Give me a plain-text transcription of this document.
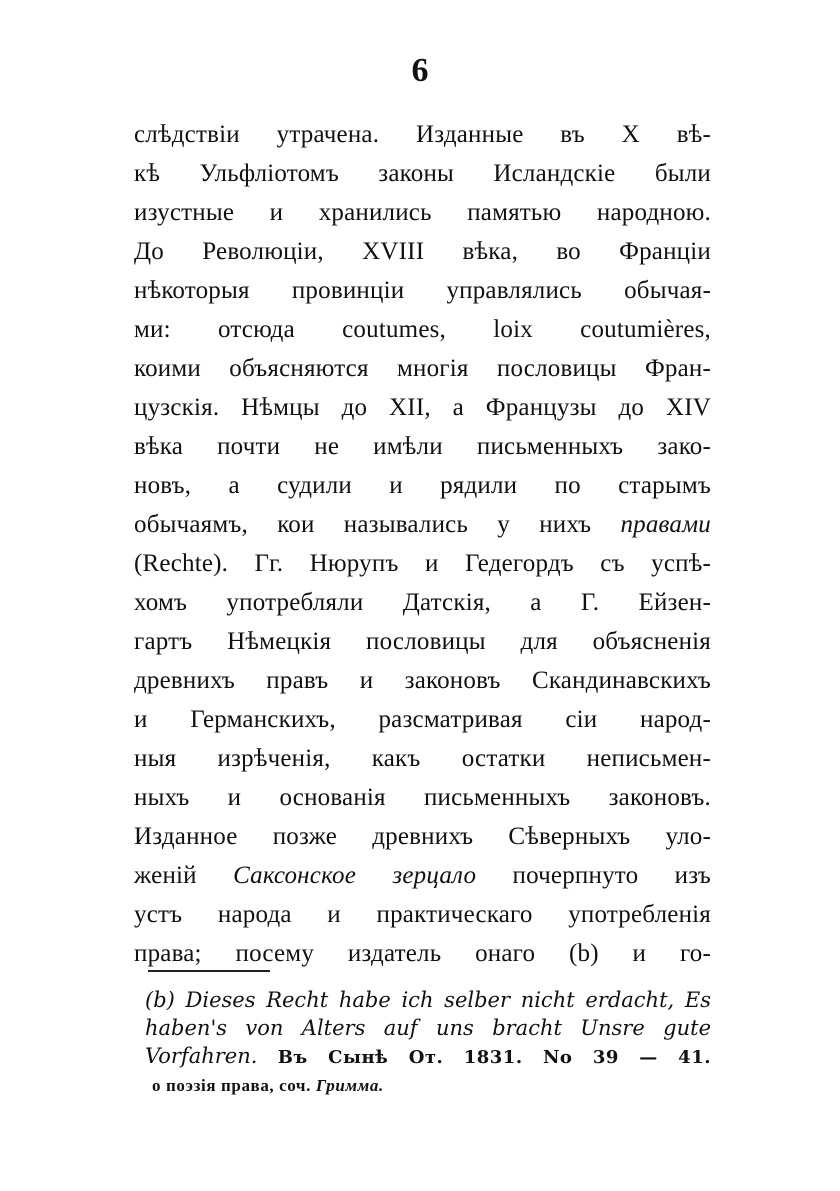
6
слѣдствіи утрачена. Изданные въ X вѣ-
кѣ Ульфліотомъ законы Исландскіе были
изустные и хранились памятью народною.
До Революціи, XVIII вѣка, во Франціи
нѣкоторыя провинціи управлялись обычая-
ми: отсюда coutumes, loix coutumières,
коими объясняются многія пословицы Фран-
цузскія. Нѣмцы до XII, а Французы до XIV
вѣка почти не имѣли письменныхъ зако-
новъ, а судили и рядили по старымъ
обычаямъ, кои назывались у нихъ правами
(Rechte). Гг. Нюрупъ и Гедегордъ съ успѣ-
хомъ употребляли Датскія, а Г. Ейзен-
гартъ Нѣмецкія пословицы для объясненія
древнихъ правъ и законовъ Скандинавскихъ
и Германскихъ, разсматривая сіи народ-
ныя изрѣченія, какъ остатки неписьмен-
ныхъ и основанія письменныхъ законовъ.
Изданное позже древнихъ Сѣверныхъ уло-
женій Саксонское зерцало почерпнуто изъ
устъ народа и практическаго употребленія
права; посему издатель онаго (b) и го-
(b) Dieses Recht habe ich selber nicht erdacht, Es
haben's von Alters auf uns bracht Unsre gute
Vorfahren. Въ Сынѣ От. 1831. No 39 — 41.
о поэзія права, соч. Гримма.
